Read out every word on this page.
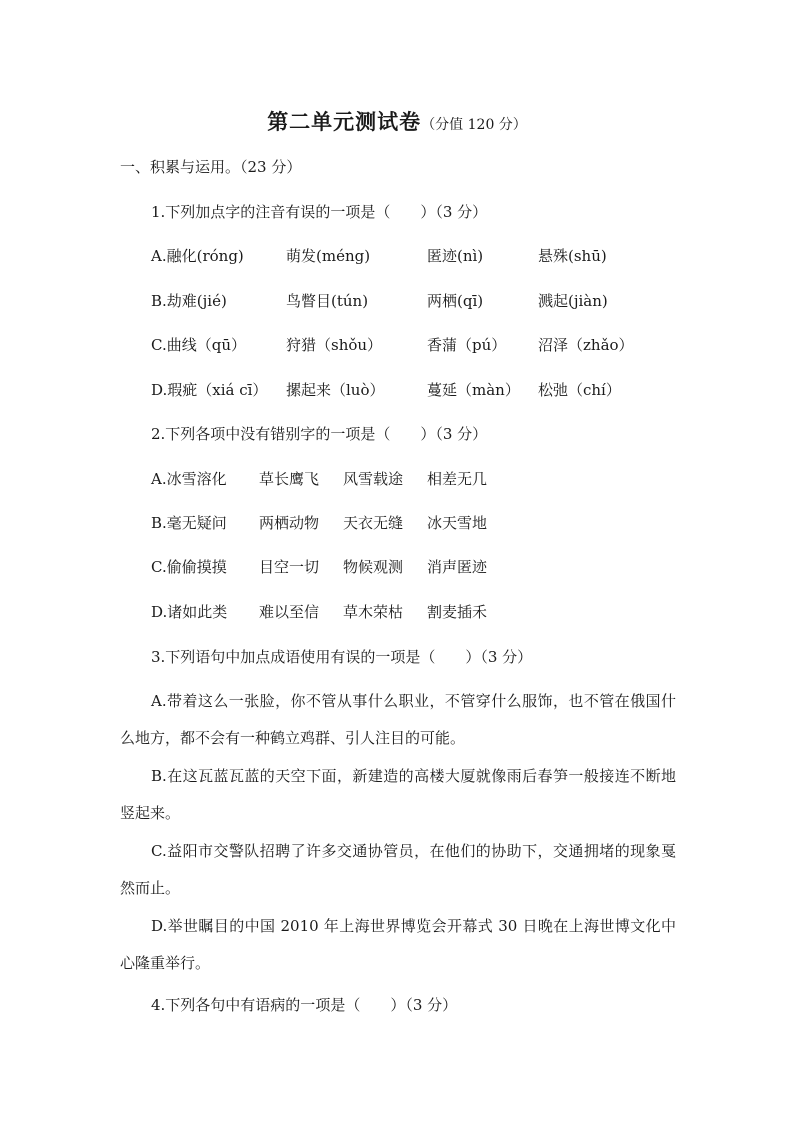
第二单元测试卷（分值 120 分）
一、积累与运用。（23 分）
1.下列加点字的注音有误的一项是（　　）（3 分）
A.融化(róng)	萌发(méng)	匿迹(nì)	悬殊(shū)
B.劫难(jié)	鸟瞥目(tún)	两栖(qī)	溅起(jiàn)
C.曲线（qū）	狩猎（shǒu）	香蒲（pú） 沼泽（zhǎo）
D.瑕疵（xiá cī） 摞起来（luò）	蔓延（màn） 松弛（chí）
2.下列各项中没有错别字的一项是（　　）（3 分）
A.冰雪溶化 草长鹰飞 风雪载途 相差无几
B.毫无疑问 两栖动物 天衣无缝 冰天雪地
C.偷偷摸摸 目空一切 物候观测 消声匿迹
D.诸如此类 难以至信 草木荣枯 割麦插禾
3.下列语句中加点成语使用有误的一项是（　　）（3 分）
A.带着这么一张脸，你不管从事什么职业，不管穿什么服饰，也不管在俄国什么地方，都不会有一种鹤立鸡群、引人注目的可能。
B.在这瓦蓝瓦蓝的天空下面，新建造的高楼大厦就像雨后春笋一般接连不断地竖起来。
C.益阳市交警队招聘了许多交通协管员，在他们的协助下，交通拥堵的现象戛然而止。
D.举世瞩目的中国 2010 年上海世界博览会开幕式 30 日晚在上海世博文化中心隆重举行。
4.下列各句中有语病的一项是（　　）（3 分）
